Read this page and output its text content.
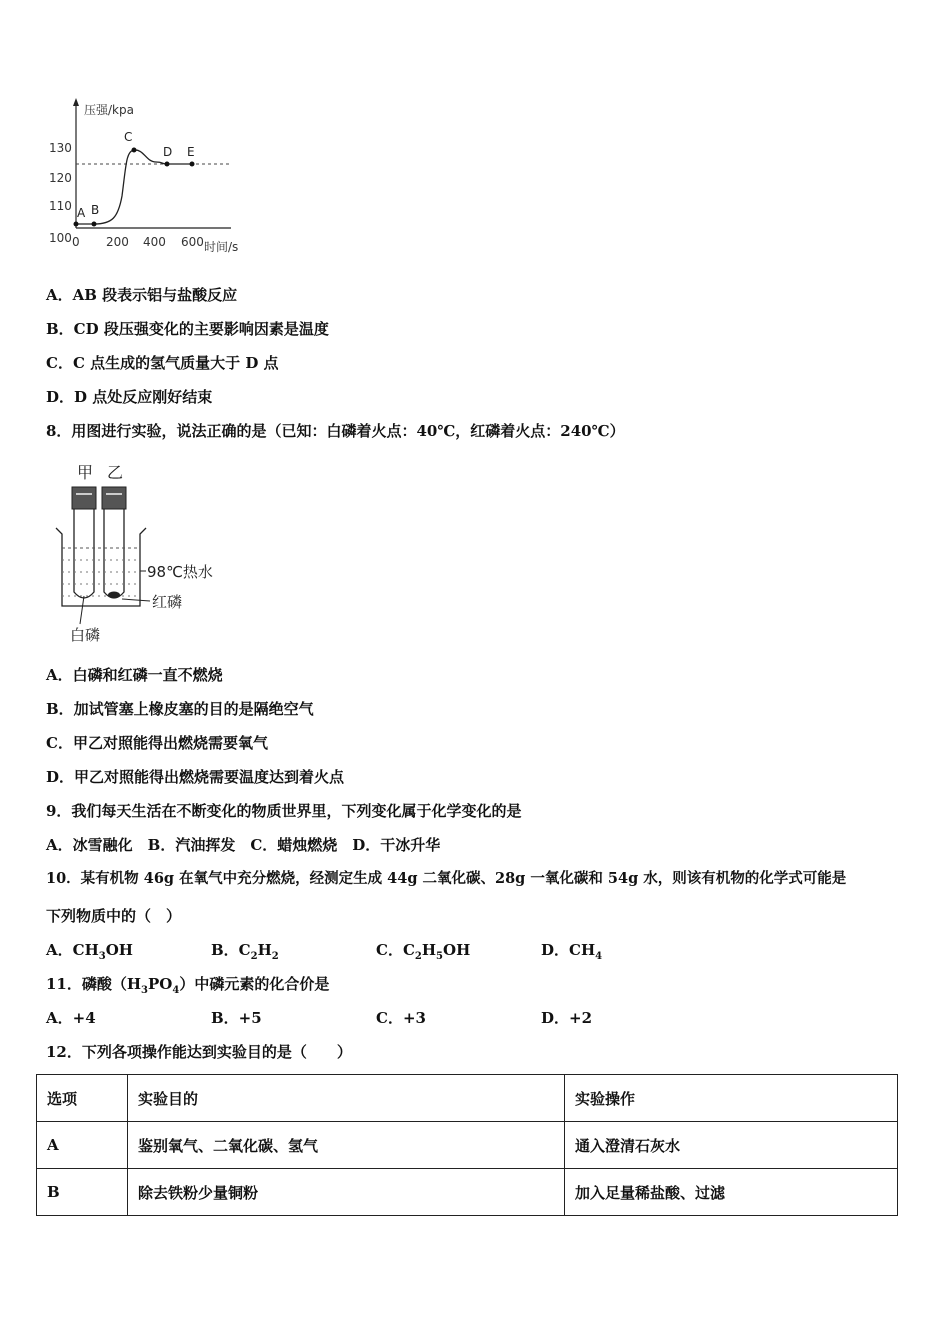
压强/kpa
130
120
110
100 0 200 400 600 时间/s
A B
C
D E
A．AB 段表示铝与盐酸反应
B．CD 段压强变化的主要影响因素是温度
C．C 点生成的氢气质量大于 D 点
D．D 点处反应刚好结束
8．用图进行实验，说法正确的是（已知：白磷着火点：40℃，红磷着火点：240℃）
甲 乙
98℃热水
红磷
白磷
A．白磷和红磷一直不燃烧
B．加试管塞上橡皮塞的目的是隔绝空气
C．甲乙对照能得出燃烧需要氧气
D．甲乙对照能得出燃烧需要温度达到着火点
9．我们每天生活在不断变化的物质世界里，下列变化属于化学变化的是
A．冰雪融化　B．汽油挥发　C．蜡烛燃烧　D．干冰升华
10．某有机物 46g 在氧气中充分燃烧，经测定生成 44g 二氧化碳、28g 一氧化碳和 54g 水，则该有机物的化学式可能是
下列物质中的（　）
A．$CH_3OH$	B．$C_2H_2$	C．$C_2H_5OH$	D．$CH_4$
11．磷酸$(H_3PO_4)$中磷元素的化合价是
A．+4	B．+5	C．+3	D．+2
12．下列各项操作能达到实验目的是（　　）
选项	实验目的	实验操作
A	鉴别氧气、二氧化碳、氢气	通入澄清石灰水
B	除去铁粉少量铜粉	加入足量稀盐酸、过滤
